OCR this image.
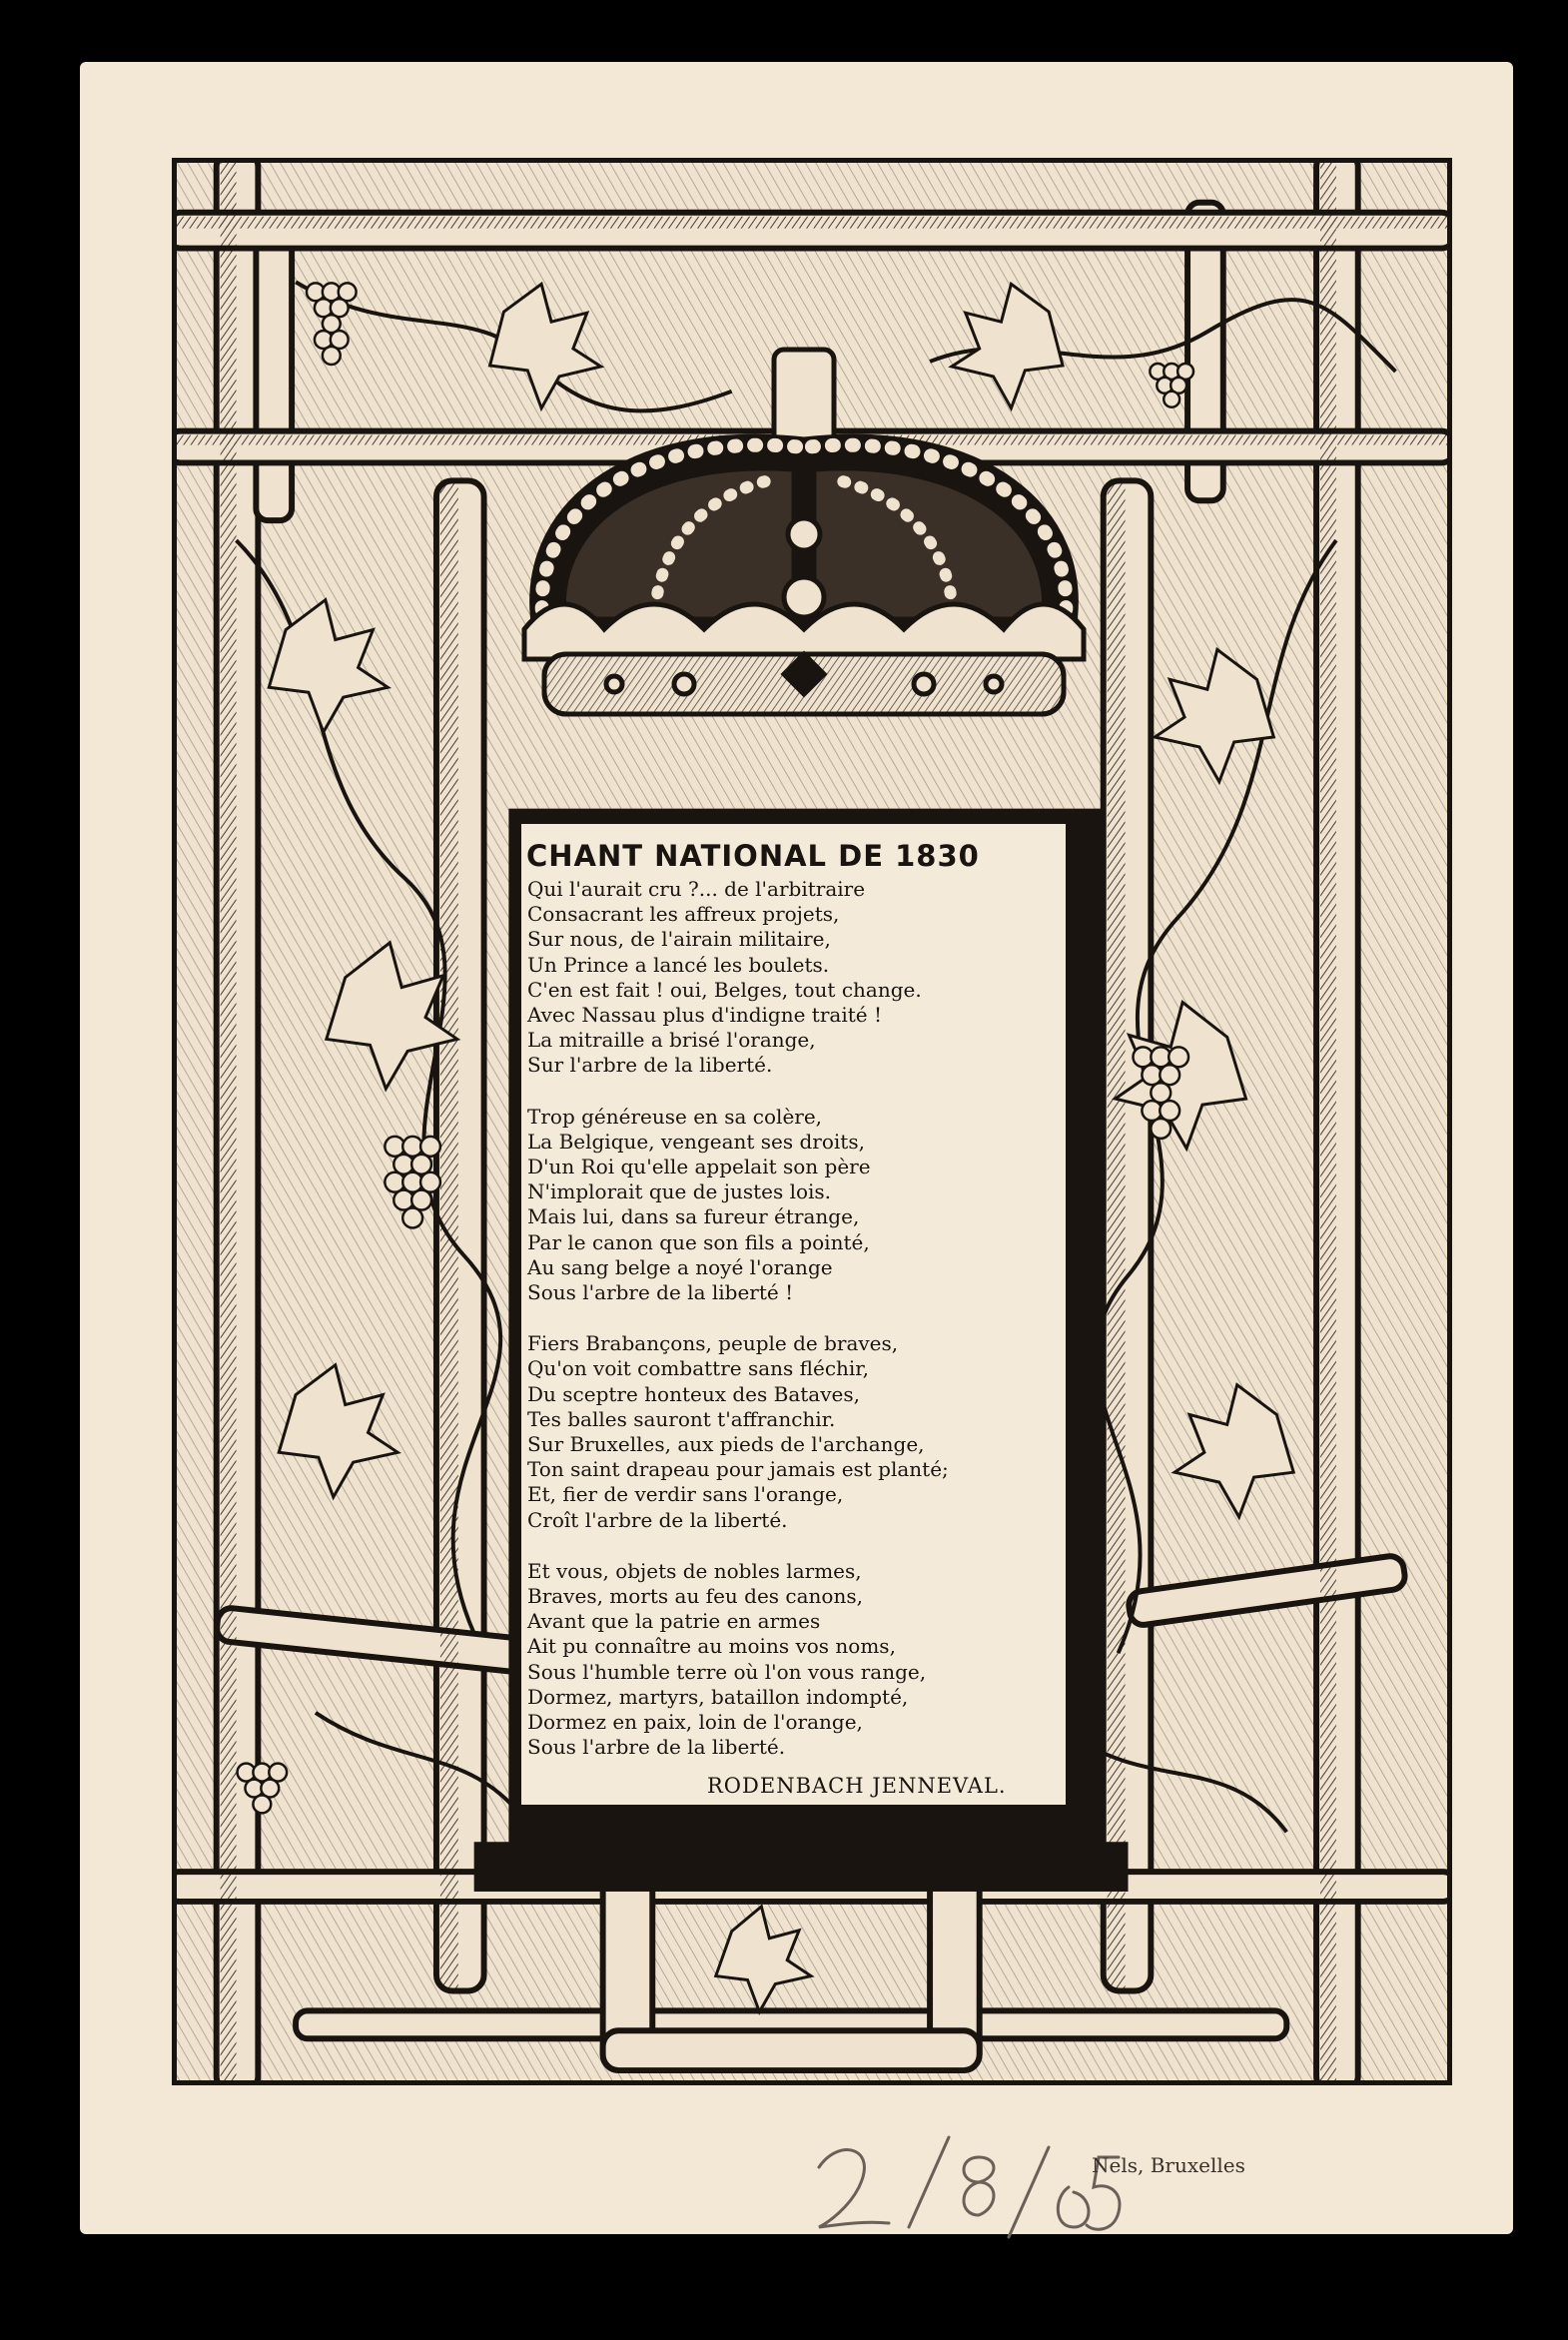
CHANT NATIONAL DE 1830
Qui l'aurait cru ?... de l'arbitraire
Consacrant les affreux projets,
Sur nous, de l'airain militaire,
Un Prince a lancé les boulets.
C'en est fait ! oui, Belges, tout change.
Avec Nassau plus d'indigne traité !
La mitraille a brisé l'orange,
Sur l'arbre de la liberté.
Trop généreuse en sa colère,
La Belgique, vengeant ses droits,
D'un Roi qu'elle appelait son père
N'implorait que de justes lois.
Mais lui, dans sa fureur étrange,
Par le canon que son fils a pointé,
Au sang belge a noyé l'orange
Sous l'arbre de la liberté !
Fiers Brabançons, peuple de braves,
Qu'on voit combattre sans fléchir,
Du sceptre honteux des Bataves,
Tes balles sauront t'affranchir.
Sur Bruxelles, aux pieds de l'archange,
Ton saint drapeau pour jamais est planté;
Et, fier de verdir sans l'orange,
Croît l'arbre de la liberté.
Et vous, objets de nobles larmes,
Braves, morts au feu des canons,
Avant que la patrie en armes
Ait pu connaître au moins vos noms,
Sous l'humble terre où l'on vous range,
Dormez, martyrs, bataillon indompté,
Dormez en paix, loin de l'orange,
Sous l'arbre de la liberté.
RODENBACH JENNEVAL.
Nels, Bruxelles
